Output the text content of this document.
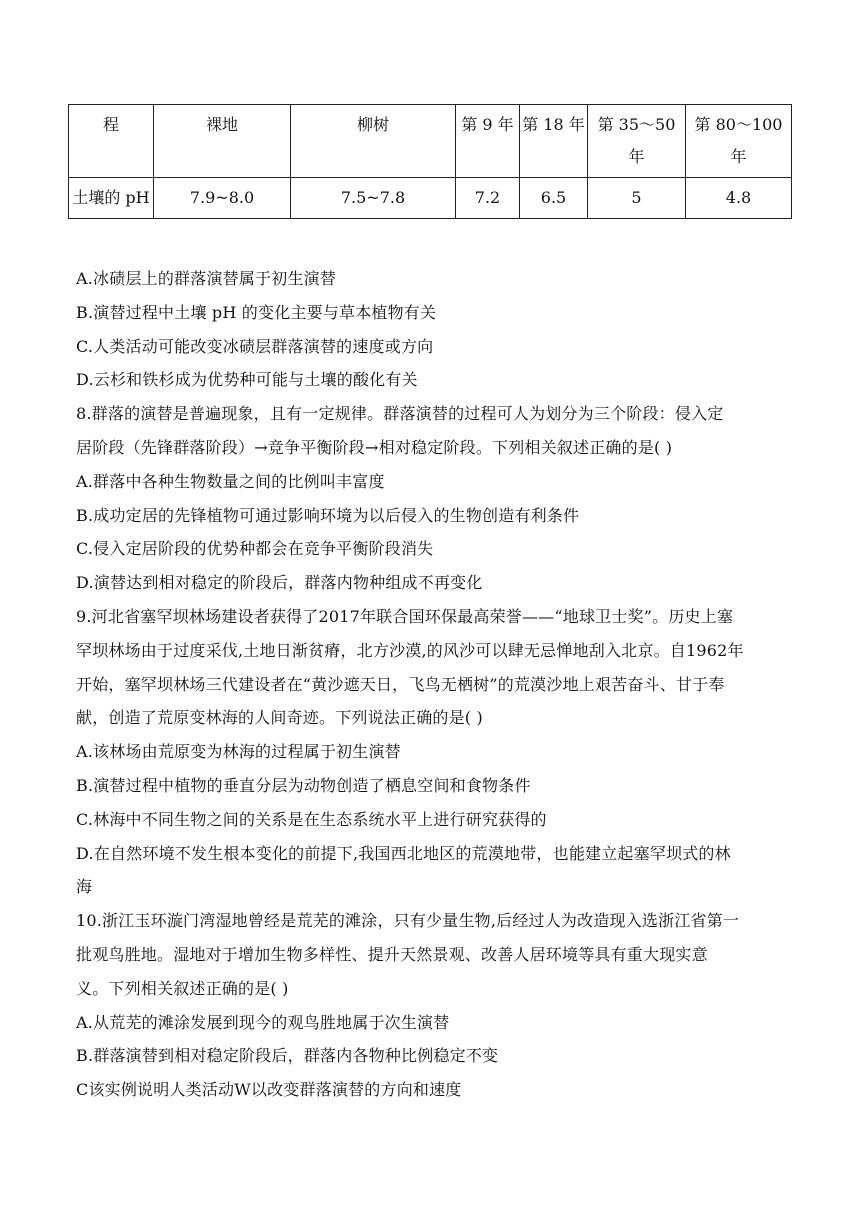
程	裸地	柳树	第 9 年	第 18 年	第 35～50 年	第 80～100 年
土壤的 pH	7.9~8.0	7.5~7.8	7.2	6.5	5	4.8
A.冰碛层上的群落演替属于初生演替
B.演替过程中土壤 pH 的变化主要与草本植物有关
C.人类活动可能改变冰碛层群落演替的速度或方向
D.云杉和铁杉成为优势种可能与土壤的酸化有关
8.群落的演替是普遍现象，且有一定规律。群落演替的过程可人为划分为三个阶段：侵入定
居阶段（先锋群落阶段）→竞争平衡阶段→相对稳定阶段。下列相关叙述正确的是( )
A.群落中各种生物数量之间的比例叫丰富度
B.成功定居的先锋植物可通过影响环境为以后侵入的生物创造有利条件
C.侵入定居阶段的优势种都会在竞争平衡阶段消失
D.演替达到相对稳定的阶段后，群落内物种组成不再变化
9.河北省塞罕坝林场建设者获得了2017年联合国环保最高荣誉——“地球卫士奖”。历史上塞
罕坝林场由于过度采伐,土地日渐贫瘠，北方沙漠,的风沙可以肆无忌惮地刮入北京。自1962年
开始，塞罕坝林场三代建设者在“黄沙遮天日，飞鸟无栖树”的荒漠沙地上艰苦奋斗、甘于奉
献，创造了荒原变林海的人间奇迹。下列说法正确的是( )
A.该林场由荒原变为林海的过程属于初生演替
B.演替过程中植物的垂直分层为动物创造了栖息空间和食物条件
C.林海中不同生物之间的关系是在生态系统水平上进行研究获得的
D.在自然环境不发生根本变化的前提下,我国西北地区的荒漠地带，也能建立起塞罕坝式的林
海
10.浙江玉环漩门湾湿地曾经是荒芜的滩涂，只有少量生物,后经过人为改造现入选浙江省第一
批观鸟胜地。湿地对于增加生物多样性、提升天然景观、改善人居环境等具有重大现实意
义。下列相关叙述正确的是( )
A.从荒芜的滩涂发展到现今的观鸟胜地属于次生演替
B.群落演替到相对稳定阶段后，群落内各物种比例稳定不变
C该实例说明人类活动W以改变群落演替的方向和速度
